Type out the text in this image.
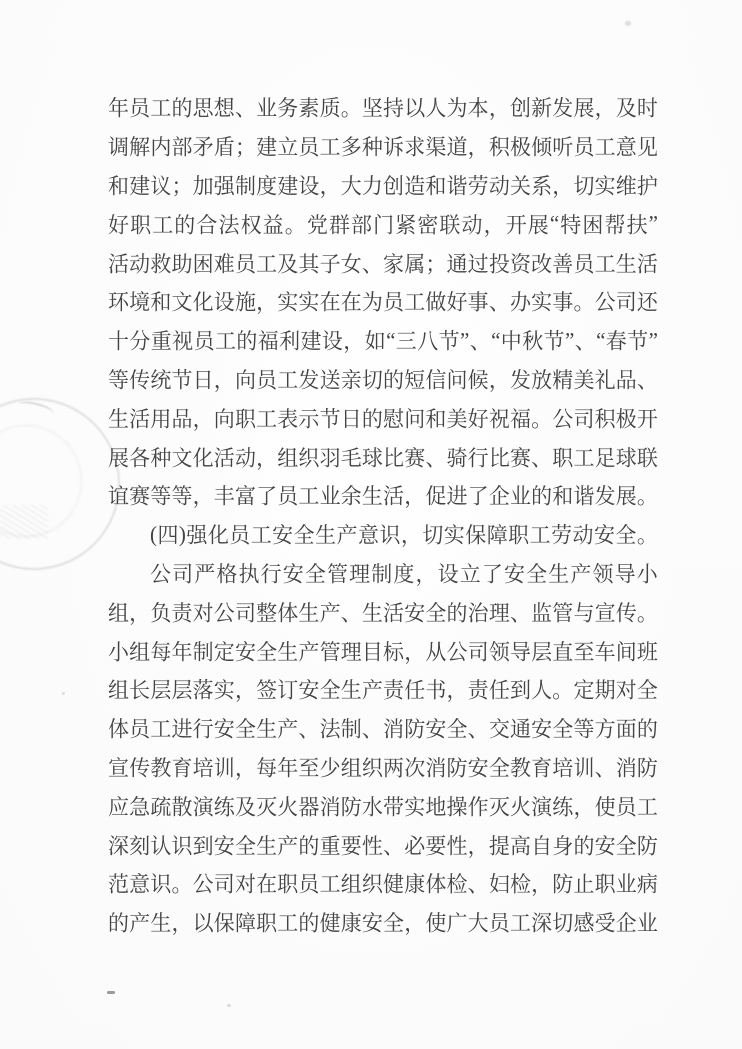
年 员 工 的 思 想 、 业 务 素 质 。 坚 持 以 人 为 本 ， 创 新 发 展 ， 及 时
调 解 内 部 矛 盾 ； 建 立 员 工 多 种 诉 求 渠 道 ， 积 极 倾 听 员 工 意 见
和 建 议 ； 加 强 制 度 建 设 ， 大 力 创 造 和 谐 劳 动 关 系 ， 切 实 维 护
好 职 工 的 合 法 权 益 。 党 群 部 门 紧 密 联 动 ， 开 展 “ 特 困 帮 扶 ”
活 动 救 助 困 难 员 工 及 其 子 女 、 家 属 ； 通 过 投 资 改 善 员 工 生 活
环 境 和 文 化 设 施 ， 实 实 在 在 为 员 工 做 好 事 、 办 实 事 。 公 司 还
十 分 重 视 员 工 的 福 利 建 设 ， 如 “ 三 八 节 ” 、 “ 中 秋 节 ” 、 “ 春 节 ”
等 传 统 节 日 ， 向 员 工 发 送 亲 切 的 短 信 问 候 ， 发 放 精 美 礼 品 、
生 活 用 品 ， 向 职 工 表 示 节 日 的 慰 问 和 美 好 祝 福 。 公 司 积 极 开
展 各 种 文 化 活 动 ， 组 织 羽 毛 球 比 赛 、 骑 行 比 赛 、 职 工 足 球 联
谊 赛 等 等 ， 丰 富 了 员 工 业 余 生 活 ， 促 进 了 企 业 的 和 谐 发 展 。
( 四 ) 强 化 员 工 安 全 生 产 意 识 ， 切 实 保 障 职 工 劳 动 安 全 。
公 司 严 格 执 行 安 全 管 理 制 度 ， 设 立 了 安 全 生 产 领 导 小
组 ， 负 责 对 公 司 整 体 生 产 、 生 活 安 全 的 治 理 、 监 管 与 宣 传 。
小 组 每 年 制 定 安 全 生 产 管 理 目 标 ， 从 公 司 领 导 层 直 至 车 间 班
组 长 层 层 落 实 ， 签 订 安 全 生 产 责 任 书 ， 责 任 到 人 。 定 期 对 全
体 员 工 进 行 安 全 生 产 、 法 制 、 消 防 安 全 、 交 通 安 全 等 方 面 的
宣 传 教 育 培 训 ， 每 年 至 少 组 织 两 次 消 防 安 全 教 育 培 训 、 消 防
应 急 疏 散 演 练 及 灭 火 器 消 防 水 带 实 地 操 作 灭 火 演 练 ， 使 员 工
深 刻 认 识 到 安 全 生 产 的 重 要 性 、 必 要 性 ， 提 高 自 身 的 安 全 防
范 意 识 。 公 司 对 在 职 员 工 组 织 健 康 体 检 、 妇 检 ， 防 止 职 业 病
的 产 生 ， 以 保 障 职 工 的 健 康 安 全 ， 使 广 大 员 工 深 切 感 受 企 业
